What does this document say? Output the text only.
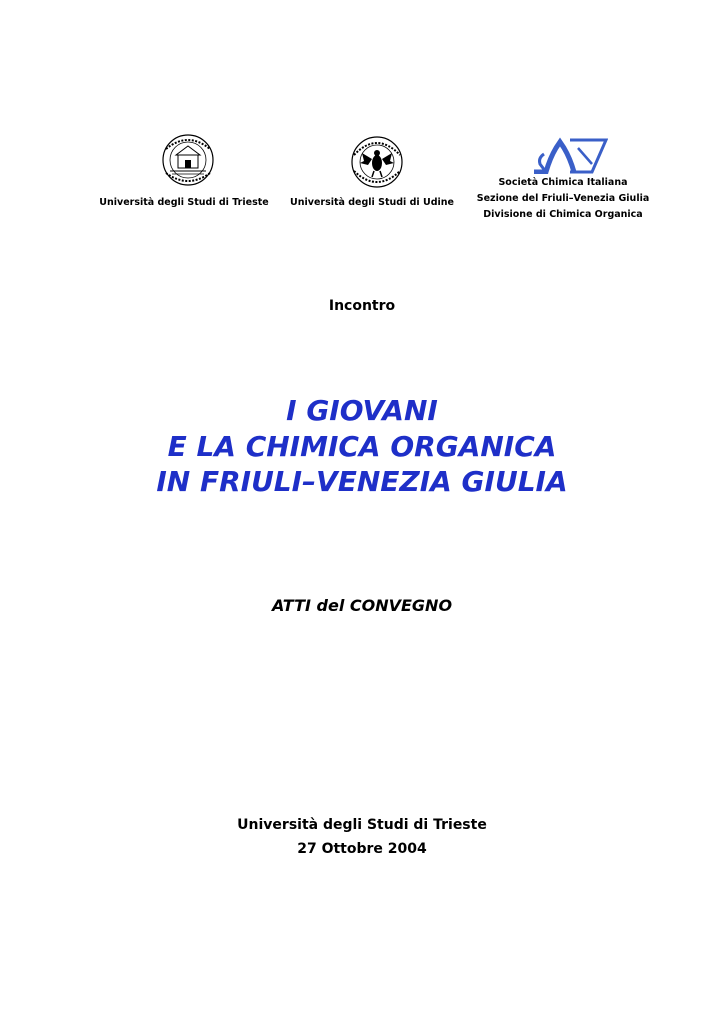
Università degli Studi di Trieste	Università degli Studi di Udine
Società Chimica Italiana
Sezione del Friuli–Venezia Giulia
Divisione di Chimica Organica
Incontro
I GIOVANI
E LA CHIMICA ORGANICA
IN FRIULI–VENEZIA GIULIA
ATTI del CONVEGNO
Università degli Studi di Trieste
27 Ottobre 2004
